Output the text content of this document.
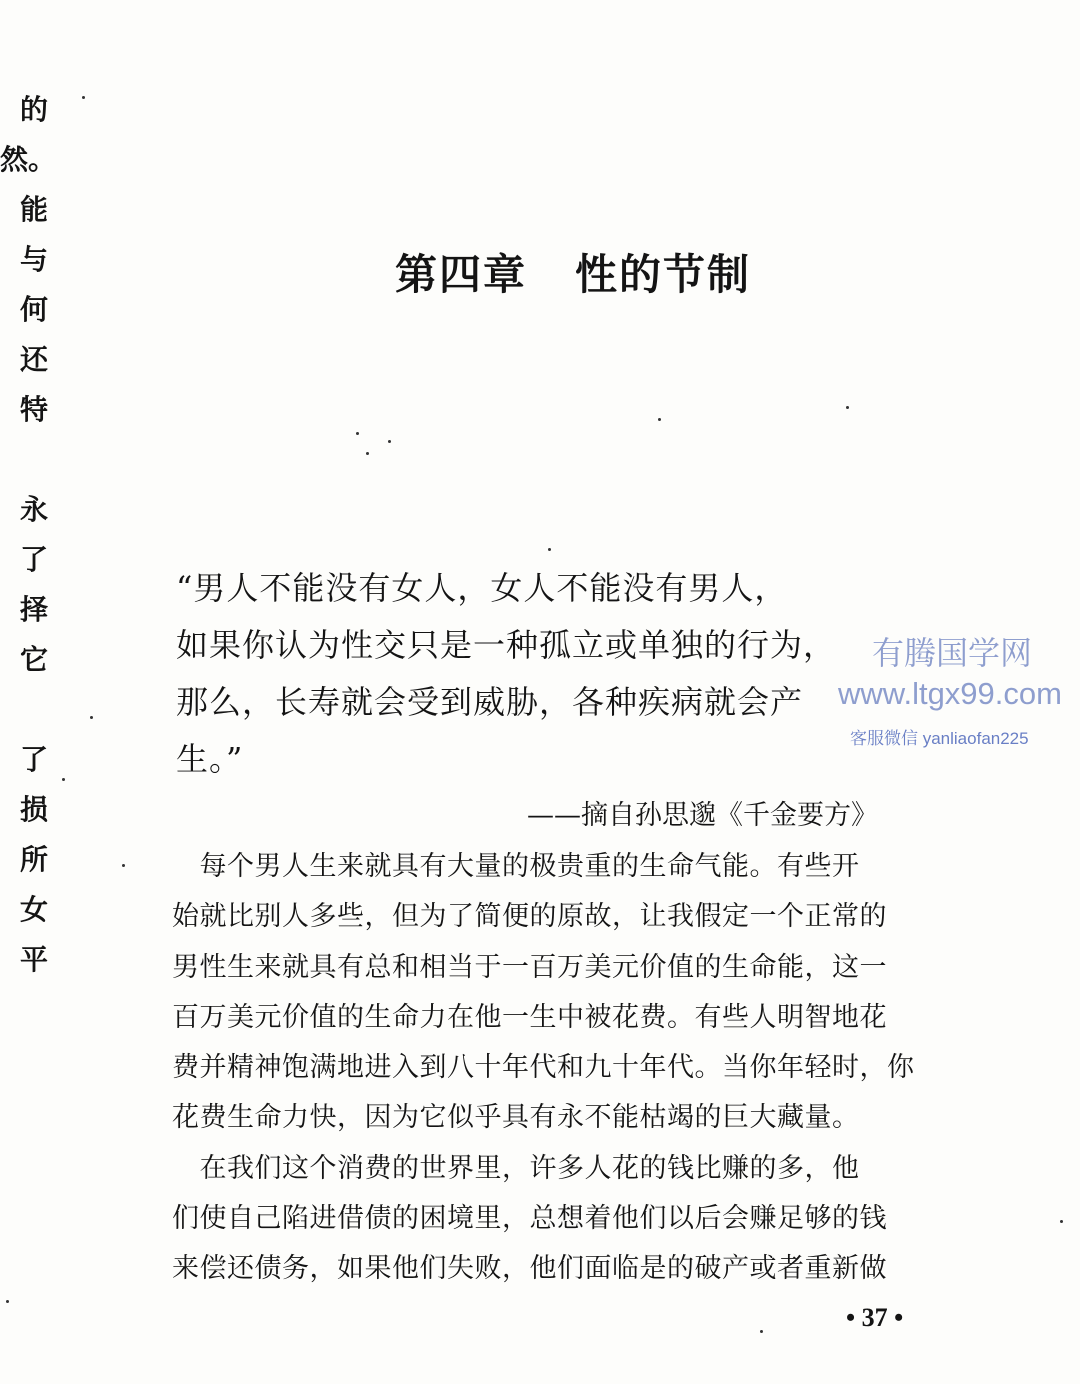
的
然。
能
与
何
还
特
永
了
择
它
了
损
所
女
平
第四章 性的节制
“男人不能没有女人，女人不能没有男人，
如果你认为性交只是一种孤立或单独的行为，
那么，长寿就会受到威胁，各种疾病就会产
生。”
——摘自孙思邈《千金要方》
　每个男人生来就具有大量的极贵重的生命气能。有些开
始就比别人多些，但为了简便的原故，让我假定一个正常的
男性生来就具有总和相当于一百万美元价值的生命能，这一
百万美元价值的生命力在他一生中被花费。有些人明智地花
费并精神饱满地进入到八十年代和九十年代。当你年轻时，你
花费生命力快，因为它似乎具有永不能枯竭的巨大藏量。
　在我们这个消费的世界里，许多人花的钱比赚的多，他
们使自己陷进借债的困境里，总想着他们以后会赚足够的钱
来偿还债务，如果他们失败，他们面临是的破产或者重新做
• 37 •
有腾国学网
www.ltgx99.com
客服微信 yanliaofan225
